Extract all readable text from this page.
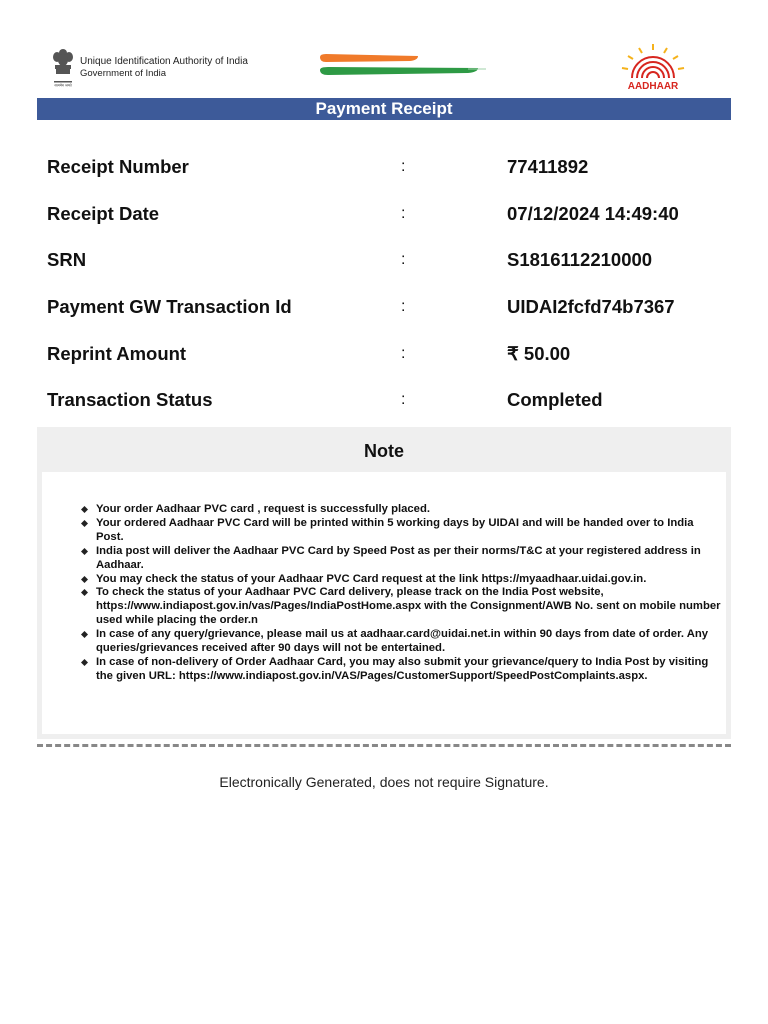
सत्यमेव जयते
Unique Identification Authority of India
Government of India
AADHAAR
Payment Receipt
Receipt Number	:	77411892
Receipt Date	:	07/12/2024 14:49:40
SRN	:	S1816112210000
Payment GW Transaction Id	:	UIDAI2fcfd74b7367
Reprint Amount	:	₹ 50.00
Transaction Status	:	Completed
Note
Your order Aadhaar PVC card , request is successfully placed.
Your ordered Aadhaar PVC Card will be printed within 5 working days by UIDAI and will be handed over to India Post.
India post will deliver the Aadhaar PVC Card by Speed Post as per their norms/T&C at your registered address in Aadhaar.
You may check the status of your Aadhaar PVC Card request at the link https://myaadhaar.uidai.gov.in.
To check the status of your Aadhaar PVC Card delivery, please track on the India Post website, https://www.indiapost.gov.in/vas/Pages/IndiaPostHome.aspx with the Consignment/AWB No. sent on mobile number used while placing the order.n
In case of any query/grievance, please mail us at aadhaar.card@uidai.net.in within 90 days from date of order. Any queries/grievances received after 90 days will not be entertained.
In case of non-delivery of Order Aadhaar Card, you may also submit your grievance/query to India Post by visiting the given URL: https://www.indiapost.gov.in/VAS/Pages/CustomerSupport/SpeedPostComplaints.aspx.
Electronically Generated, does not require Signature.
